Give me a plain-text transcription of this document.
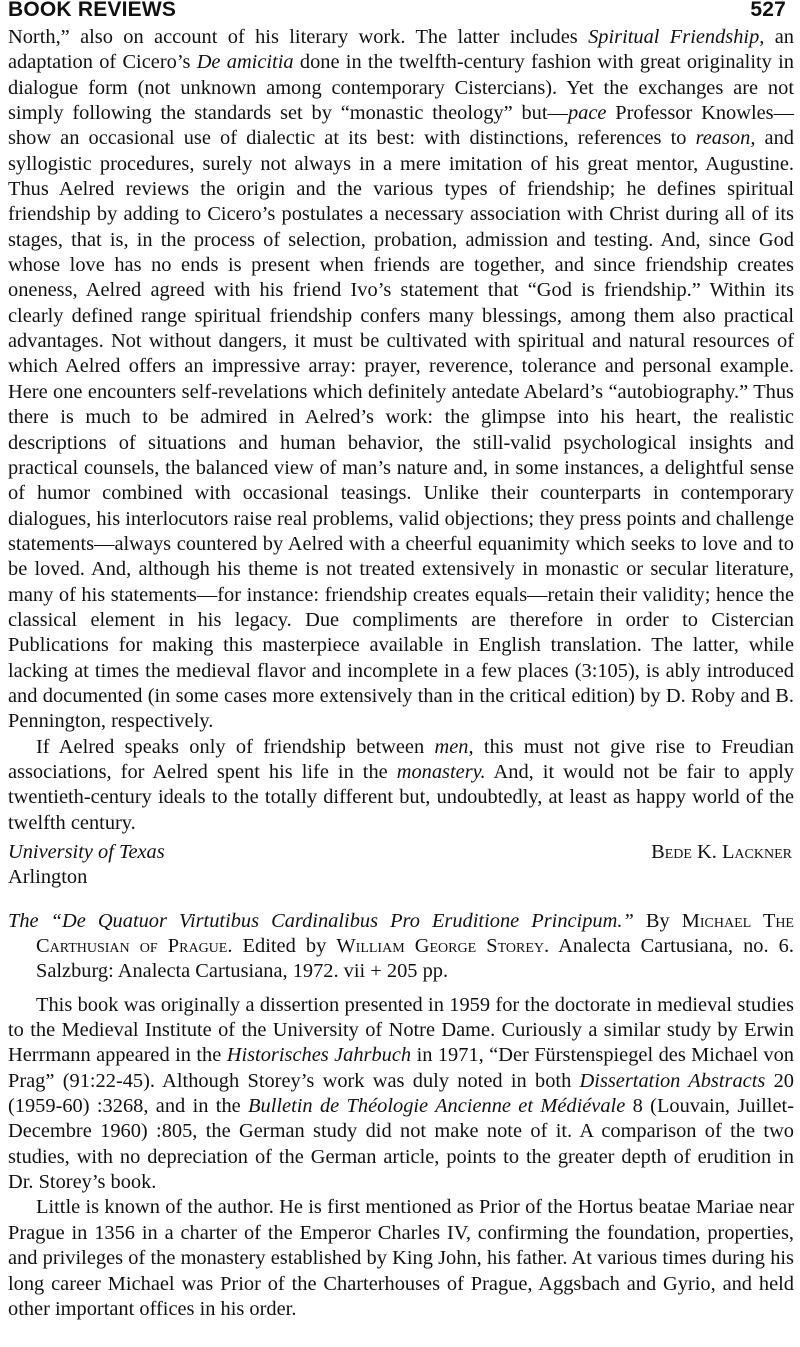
BOOK REVIEWS	527

North,” also on account of his literary work. The latter includes Spiritual Friendship, an adaptation of Cicero’s De amicitia done in the twelfth-century fashion with great originality in dialogue form (not unknown among contemporary Cistercians). Yet the exchanges are not simply following the standards set by “monastic theology” but—pace Professor Knowles—show an occasional use of dialectic at its best: with distinctions, references to reason, and syllogistic procedures, surely not always in a mere imitation of his great mentor, Augustine. Thus Aelred reviews the origin and the various types of friendship; he defines spiritual friendship by adding to Cicero’s postulates a necessary association with Christ during all of its stages, that is, in the process of selection, probation, admission and testing. And, since God whose love has no ends is present when friends are together, and since friendship creates oneness, Aelred agreed with his friend Ivo’s statement that “God is friendship.” Within its clearly defined range spiritual friendship confers many blessings, among them also practical advantages. Not without dangers, it must be cultivated with spiritual and natural resources of which Aelred offers an impressive array: prayer, reverence, tolerance and personal example. Here one encounters self-revelations which definitely antedate Abelard’s “autobiography.” Thus there is much to be admired in Aelred’s work: the glimpse into his heart, the realistic descriptions of situations and human behavior, the still-valid psychological insights and practical counsels, the balanced view of man’s nature and, in some instances, a delightful sense of humor combined with occasional teasings. Unlike their counterparts in contemporary dialogues, his interlocutors raise real problems, valid objections; they press points and challenge statements—always countered by Aelred with a cheerful equanimity which seeks to love and to be loved. And, although his theme is not treated extensively in monastic or secular literature, many of his statements—for instance: friendship creates equals—retain their validity; hence the classical element in his legacy. Due compliments are therefore in order to Cistercian Publications for making this masterpiece available in English translation. The latter, while lacking at times the medieval flavor and incomplete in a few places (3:105), is ably introduced and documented (in some cases more extensively than in the critical edition) by D. Roby and B. Pennington, respectively.

If Aelred speaks only of friendship between men, this must not give rise to Freudian associations, for Aelred spent his life in the monastery. And, it would not be fair to apply twentieth-century ideals to the totally different but, undoubtedly, at least as happy world of the twelfth century.

University of Texas	Bede K. Lackner
Arlington

The “De Quatuor Virtutibus Cardinalibus Pro Eruditione Principum.” By Michael The Carthusian of Prague. Edited by William George Storey. Analecta Cartusiana, no. 6. Salzburg: Analecta Cartusiana, 1972. vii + 205 pp.

This book was originally a dissertion presented in 1959 for the doctorate in medieval studies to the Medieval Institute of the University of Notre Dame. Curiously a similar study by Erwin Herrmann appeared in the Historisches Jahrbuch in 1971, “Der Fürstenspiegel des Michael von Prag” (91:22-45). Although Storey’s work was duly noted in both Dissertation Abstracts 20 (1959-60) :3268, and in the Bulletin de Théologie Ancienne et Médiévale 8 (Louvain, Juillet-Decembre 1960) :805, the German study did not make note of it. A comparison of the two studies, with no depreciation of the German article, points to the greater depth of erudition in Dr. Storey’s book.

Little is known of the author. He is first mentioned as Prior of the Hortus beatae Mariae near Prague in 1356 in a charter of the Emperor Charles IV, confirming the foundation, properties, and privileges of the monastery established by King John, his father. At various times during his long career Michael was Prior of the Charterhouses of Prague, Aggsbach and Gyrio, and held other important offices in his order.
